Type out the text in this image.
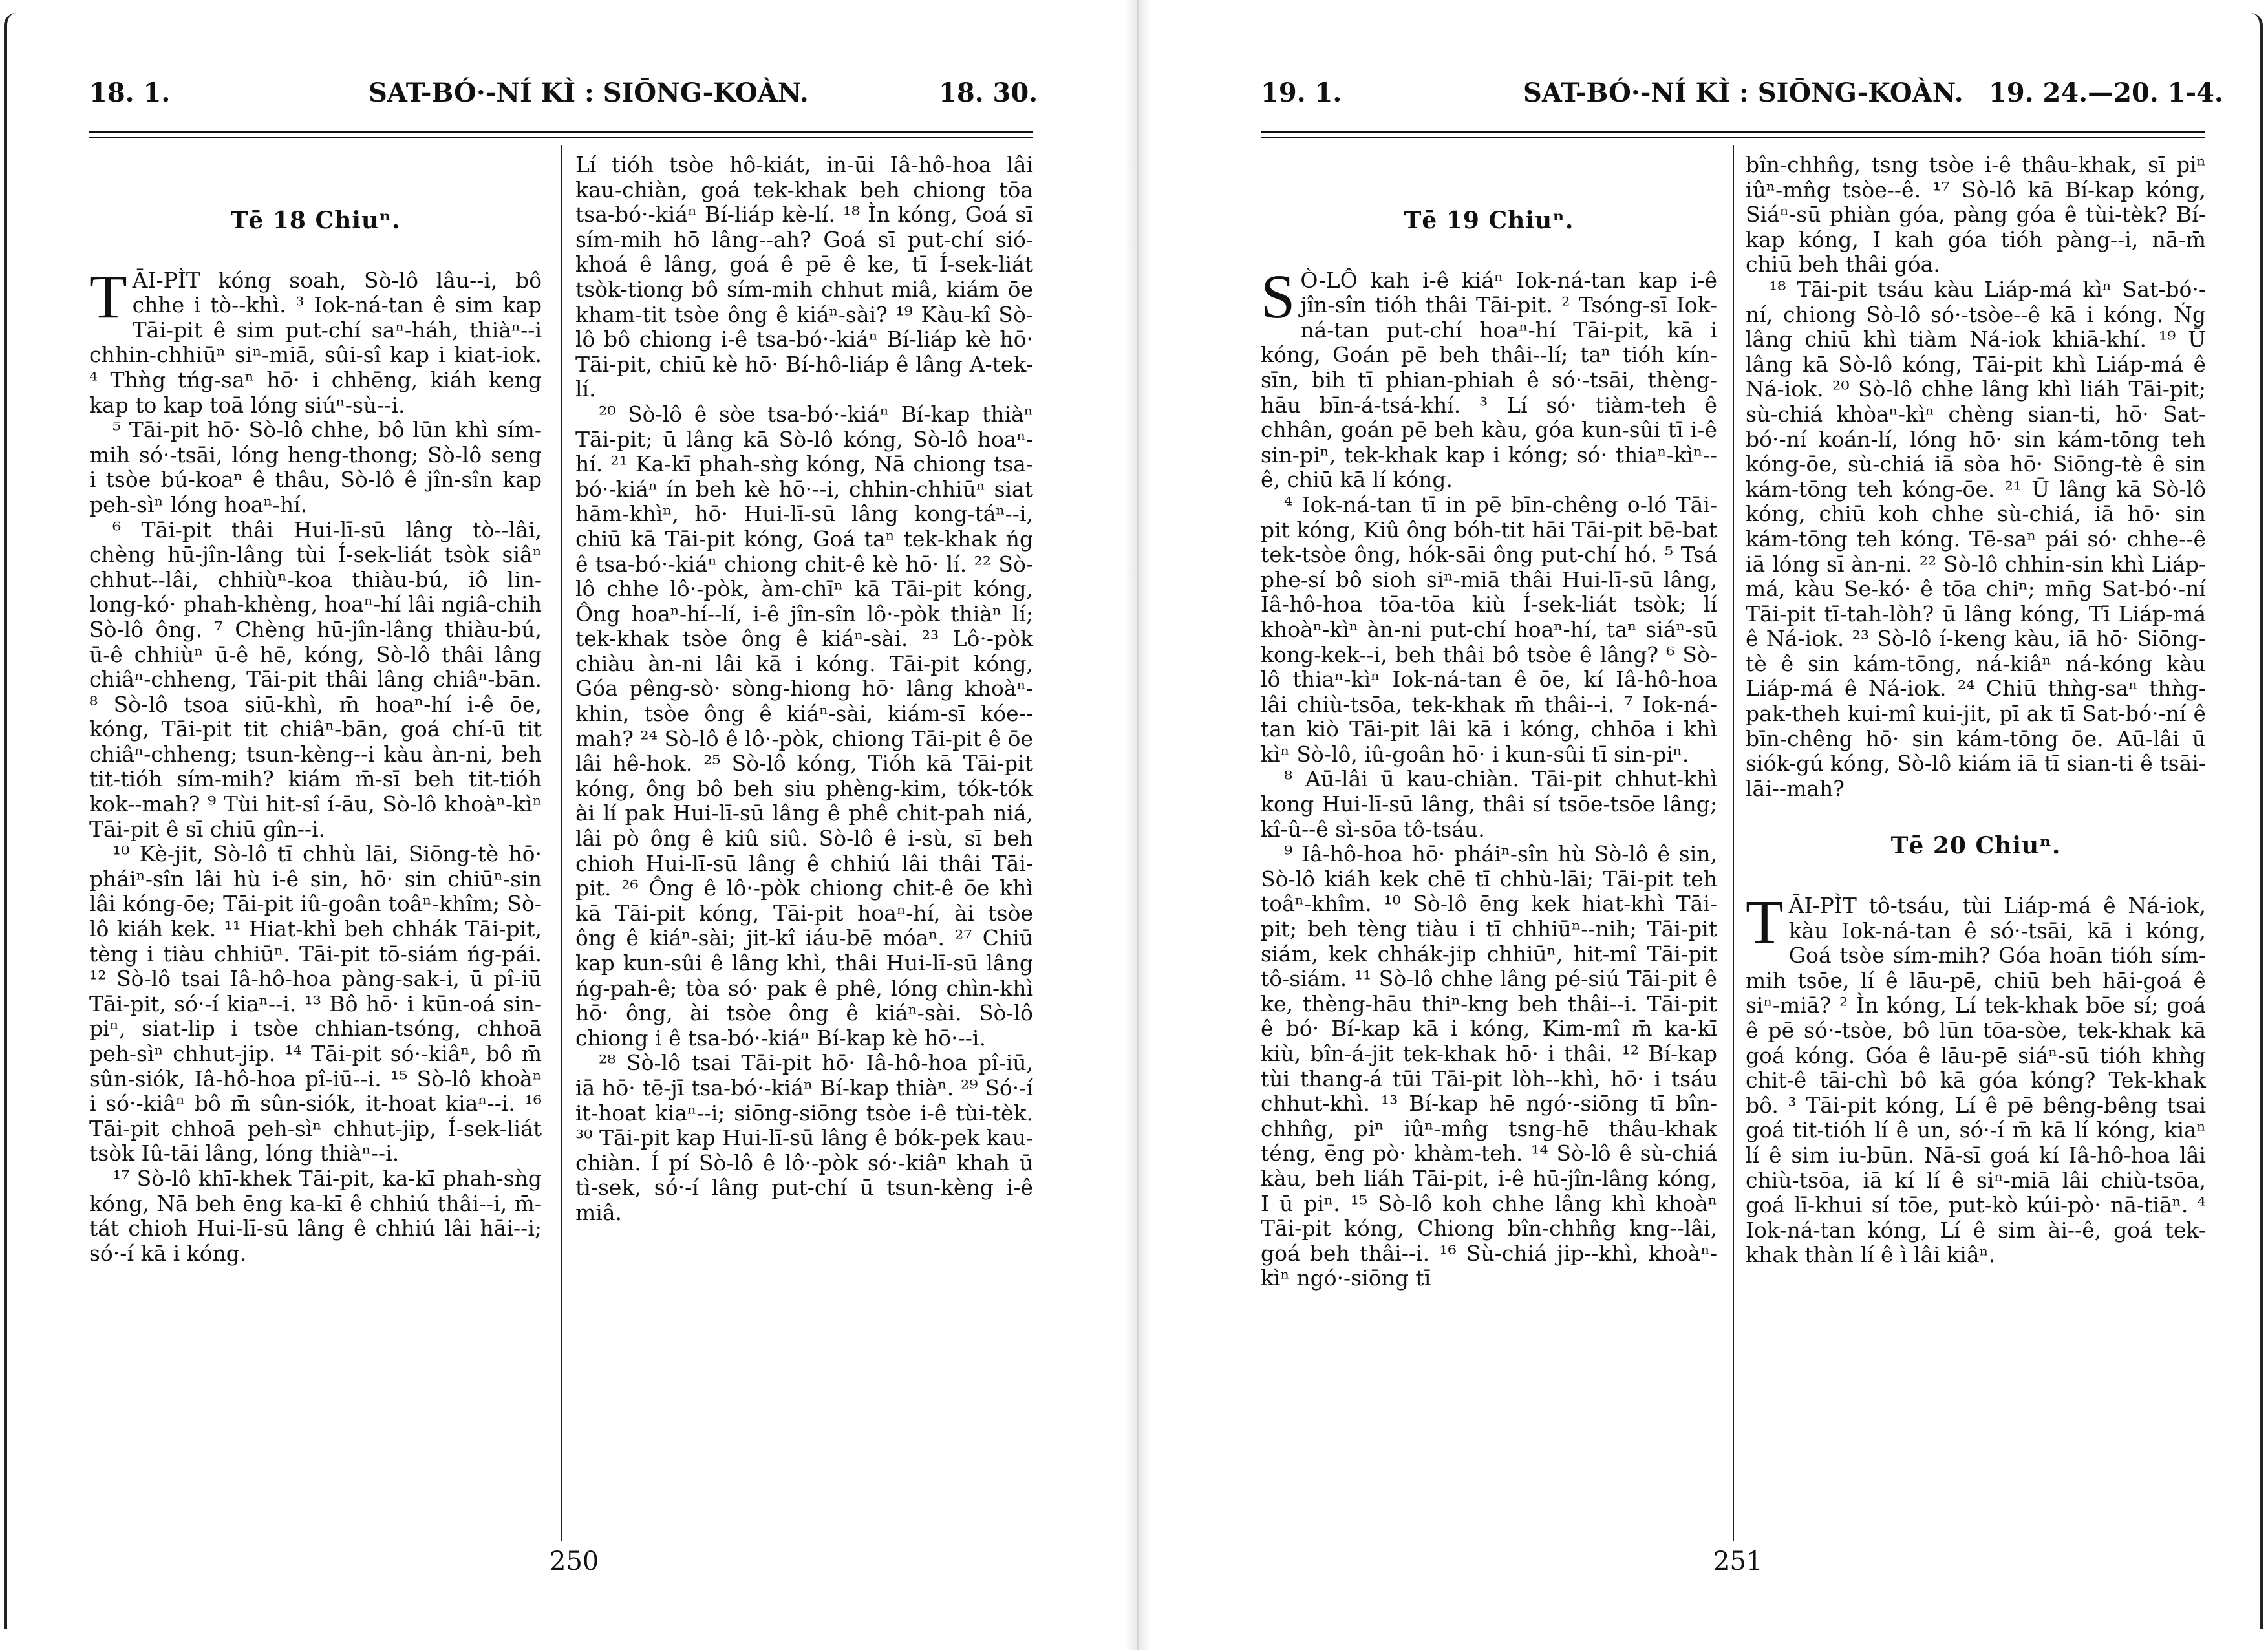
18. 1.	SAT-BÓ·-NÍ KÌ : SIŌNG-KOÀN.	18. 30.
Tē 18 Chiuⁿ.

TĀI-PÌT kóng soah, Sò-lô lâu--i, bô chhe i tò--khì. ³ Iok-ná-tan ê sim kap Tāi-pit ê sim put-chí saⁿ-háh, thiàⁿ--i chhin-chhiūⁿ siⁿ-miā, sûi-sî kap i kiat-iok. ⁴ Thǹg tńg-saⁿ hō· i chhēng, kiáh keng kap to kap toā lóng siúⁿ-sù--i.

⁵ Tāi-pit hō· Sò-lô chhe, bô lūn khì sím-mih só·-tsāi, lóng heng-thong; Sò-lô seng i tsòe bú-koaⁿ ê thâu, Sò-lô ê jîn-sîn kap peh-sìⁿ lóng hoaⁿ-hí.

⁶ Tāi-pit thâi Hui-lī-sū lâng tò--lâi, chèng hū-jîn-lâng tùi Í-sek-liát tsòk siâⁿ chhut--lâi, chhiùⁿ-koa thiàu-bú, iô lin-long-kó· phah-khèng, hoaⁿ-hí lâi ngiâ-chih Sò-lô ông. ⁷ Chèng hū-jîn-lâng thiàu-bú, ū-ê chhiùⁿ ū-ê hē, kóng, Sò-lô thâi lâng chiâⁿ-chheng, Tāi-pit thâi lâng chiâⁿ-bān. ⁸ Sò-lô tsoa siū-khì, m̄ hoaⁿ-hí i-ê ōe, kóng, Tāi-pit tit chiâⁿ-bān, goá chí-ū tit chiâⁿ-chheng; tsun-kèng--i kàu àn-ni, beh tit-tióh sím-mih? kiám m̄-sī beh tit-tióh kok--mah? ⁹ Tùi hit-sî í-āu, Sò-lô khoàⁿ-kìⁿ Tāi-pit ê sī chiū gîn--i.

¹⁰ Kè-jit, Sò-lô tī chhù lāi, Siōng-tè hō· pháiⁿ-sîn lâi hù i-ê sin, hō· sin chiūⁿ-sin lâi kóng-ōe; Tāi-pit iû-goân toâⁿ-khîm; Sò-lô kiáh kek. ¹¹ Hiat-khì beh chhák Tāi-pit, tèng i tiàu chhiūⁿ. Tāi-pit tō-siám ńg-pái. ¹² Sò-lô tsai Iâ-hô-hoa pàng-sak-i, ū pî-iū Tāi-pit, só·-í kiaⁿ--i. ¹³ Bô hō· i kūn-oá sin-piⁿ, siat-lip i tsòe chhian-tsóng, chhoā peh-sìⁿ chhut-jip. ¹⁴ Tāi-pit só·-kiâⁿ, bô m̄ sûn-siók, Iâ-hô-hoa pî-iū--i. ¹⁵ Sò-lô khoàⁿ i só·-kiâⁿ bô m̄ sûn-siók, it-hoat kiaⁿ--i. ¹⁶ Tāi-pit chhoā peh-sìⁿ chhut-jip, Í-sek-liát tsòk Iû-tāi lâng, lóng thiàⁿ--i.

¹⁷ Sò-lô khī-khek Tāi-pit, ka-kī phah-sǹg kóng, Nā beh ēng ka-kī ê chhiú thâi--i, m̄-tát chioh Hui-lī-sū lâng ê chhiú lâi hāi--i; só·-í kā i kóng.

Lí tióh tsòe hô-kiát, in-ūi Iâ-hô-hoa lâi kau-chiàn, goá tek-khak beh chiong tōa tsa-bó·-kiáⁿ Bí-liáp kè-lí. ¹⁸ Ìn kóng, Goá sī sím-mih hō lâng--ah? Goá sī put-chí sió-khoá ê lâng, goá ê pē ê ke, tī Í-sek-liát tsòk-tiong bô sím-mih chhut miâ, kiám ōe kham-tit tsòe ông ê kiáⁿ-sài? ¹⁹ Kàu-kî Sò-lô bô chiong i-ê tsa-bó·-kiáⁿ Bí-liáp kè hō· Tāi-pit, chiū kè hō· Bí-hô-liáp ê lâng A-tek-lí.

²⁰ Sò-lô ê sòe tsa-bó·-kiáⁿ Bí-kap thiàⁿ Tāi-pit; ū lâng kā Sò-lô kóng, Sò-lô hoaⁿ-hí. ²¹ Ka-kī phah-sǹg kóng, Nā chiong tsa-bó·-kiáⁿ ín beh kè hō·--i, chhin-chhiūⁿ siat hām-khìⁿ, hō· Hui-lī-sū lâng kong-táⁿ--i, chiū kā Tāi-pit kóng, Goá taⁿ tek-khak ńg ê tsa-bó·-kiáⁿ chiong chit-ê kè hō· lí. ²² Sò-lô chhe lô·-pòk, àm-chīⁿ kā Tāi-pit kóng, Ông hoaⁿ-hí--lí, i-ê jîn-sîn lô·-pòk thiàⁿ lí; tek-khak tsòe ông ê kiáⁿ-sài. ²³ Lô·-pòk chiàu àn-ni lâi kā i kóng. Tāi-pit kóng, Góa pêng-sò· sòng-hiong hō· lâng khoàⁿ-khin, tsòe ông ê kiáⁿ-sài, kiám-sī kóe--mah? ²⁴ Sò-lô ê lô·-pòk, chiong Tāi-pit ê ōe lâi hê-hok. ²⁵ Sò-lô kóng, Tióh kā Tāi-pit kóng, ông bô beh siu phèng-kim, tók-tók ài lí pak Hui-lī-sū lâng ê phê chit-pah niá, lâi pò ông ê kiû siû. Sò-lô ê i-sù, sī beh chioh Hui-lī-sū lâng ê chhiú lâi thâi Tāi-pit. ²⁶ Ông ê lô·-pòk chiong chit-ê ōe khì kā Tāi-pit kóng, Tāi-pit hoaⁿ-hí, ài tsòe ông ê kiáⁿ-sài; jit-kî iáu-bē móaⁿ. ²⁷ Chiū kap kun-sûi ê lâng khì, thâi Hui-lī-sū lâng ńg-pah-ê; tòa só· pak ê phê, lóng chìn-khì hō· ông, ài tsòe ông ê kiáⁿ-sài. Sò-lô chiong i ê tsa-bó·-kiáⁿ Bí-kap kè hō·--i.

²⁸ Sò-lô tsai Tāi-pit hō· Iâ-hô-hoa pî-iū, iā hō· tē-jī tsa-bó·-kiáⁿ Bí-kap thiàⁿ. ²⁹ Só·-í it-hoat kiaⁿ--i; siōng-siōng tsòe i-ê tùi-tèk. ³⁰ Tāi-pit kap Hui-lī-sū lâng ê bók-pek kau-chiàn. Í pí Sò-lô ê lô·-pòk só·-kiâⁿ khah ū tì-sek, só·-í lâng put-chí ū tsun-kèng i-ê miâ.

250
19. 1.	SAT-BÓ·-NÍ KÌ : SIŌNG-KOÀN. 19. 24.—20. 1-4.
Tē 19 Chiuⁿ.

S Ò-LÔ kah i-ê kiáⁿ Iok-ná-tan kap i-ê jîn-sîn tióh thâi Tāi-pit. ² Tsóng-sī Iok-ná-tan put-chí hoaⁿ-hí Tāi-pit, kā i kóng, Goán pē beh thâi--lí; taⁿ tióh kín-sīn, bih tī phian-phiah ê só·-tsāi, thèng-hāu bīn-á-tsá-khí. ³ Lí só· tiàm-teh ê chhân, goán pē beh kàu, góa kun-sûi tī i-ê sin-piⁿ, tek-khak kap i kóng; só· thiaⁿ-kìⁿ--ê, chiū kā lí kóng.

⁴ Iok-ná-tan tī in pē bīn-chêng o-ló Tāi-pit kóng, Kiû ông bóh-tit hāi Tāi-pit bē-bat tek-tsòe ông, hók-sāi ông put-chí hó. ⁵ Tsá phe-sí bô sioh siⁿ-miā thâi Hui-lī-sū lâng, Iâ-hô-hoa tōa-tōa kiù Í-sek-liát tsòk; lí khoàⁿ-kìⁿ àn-ni put-chí hoaⁿ-hí, taⁿ siáⁿ-sū kong-kek--i, beh thâi bô tsòe ê lâng? ⁶ Sò-lô thiaⁿ-kìⁿ Iok-ná-tan ê ōe, kí Iâ-hô-hoa lâi chiù-tsōa, tek-khak m̄ thâi--i. ⁷ Iok-ná-tan kiò Tāi-pit lâi kā i kóng, chhōa i khì kìⁿ Sò-lô, iû-goân hō· i kun-sûi tī sin-piⁿ.

⁸ Aū-lâi ū kau-chiàn. Tāi-pit chhut-khì kong Hui-lī-sū lâng, thâi sí tsōe-tsōe lâng; kî-û--ê sì-sōa tô-tsáu.

⁹ Iâ-hô-hoa hō· pháiⁿ-sîn hù Sò-lô ê sin, Sò-lô kiáh kek chē tī chhù-lāi; Tāi-pit teh toâⁿ-khîm. ¹⁰ Sò-lô ēng kek hiat-khì Tāi-pit; beh tèng tiàu i tī chhiūⁿ--nih; Tāi-pit siám, kek chhák-jip chhiūⁿ, hit-mî Tāi-pit tô-siám. ¹¹ Sò-lô chhe lâng pé-siú Tāi-pit ê ke, thèng-hāu thiⁿ-kng beh thâi--i. Tāi-pit ê bó· Bí-kap kā i kóng, Kim-mî m̄ ka-kī kiù, bîn-á-jit tek-khak hō· i thâi. ¹² Bí-kap tùi thang-á tūi Tāi-pit lòh--khì, hō· i tsáu chhut-khì. ¹³ Bí-kap hē ngó·-siōng tī bîn-chhn̂g, piⁿ iûⁿ-mn̂g tsng-hē thâu-khak téng, ēng pò· khàm-teh. ¹⁴ Sò-lô ê sù-chiá kàu, beh liáh Tāi-pit, i-ê hū-jîn-lâng kóng, I ū piⁿ. ¹⁵ Sò-lô koh chhe lâng khì khoàⁿ Tāi-pit kóng, Chiong bîn-chhn̂g kng--lâi, goá beh thâi--i. ¹⁶ Sù-chiá jip--khì, khoàⁿ-kìⁿ ngó·-siōng tī

bîn-chhn̂g, tsng tsòe i-ê thâu-khak, sī piⁿ iûⁿ-mn̂g tsòe--ê. ¹⁷ Sò-lô kā Bí-kap kóng, Siáⁿ-sū phiàn góa, pàng góa ê tùi-tèk? Bí-kap kóng, I kah góa tióh pàng--i, nā-m̄ chiū beh thâi góa.

¹⁸ Tāi-pit tsáu kàu Liáp-má kìⁿ Sat-bó·-ní, chiong Sò-lô só·-tsòe--ê kā i kóng. Ńg lâng chiū khì tiàm Ná-iok khiā-khí. ¹⁹ Ū lâng kā Sò-lô kóng, Tāi-pit khì Liáp-má ê Ná-iok. ²⁰ Sò-lô chhe lâng khì liáh Tāi-pit; sù-chiá khòaⁿ-kìⁿ chèng sian-ti, hō· Sat-bó·-ní koán-lí, lóng hō· sin kám-tōng teh kóng-ōe, sù-chiá iā sòa hō· Siōng-tè ê sin kám-tōng teh kóng-ōe. ²¹ Ū lâng kā Sò-lô kóng, chiū koh chhe sù-chiá, iā hō· sin kám-tōng teh kóng. Tē-saⁿ pái só· chhe--ê iā lóng sī àn-ni. ²² Sò-lô chhin-sin khì Liáp-má, kàu Se-kó· ê tōa chiⁿ; mn̄g Sat-bó·-ní Tāi-pit tī-tah-lòh? ū lâng kóng, Tī Liáp-má ê Ná-iok. ²³ Sò-lô í-keng kàu, iā hō· Siōng-tè ê sin kám-tōng, ná-kiâⁿ ná-kóng kàu Liáp-má ê Ná-iok. ²⁴ Chiū thǹg-saⁿ thǹg-pak-theh kui-mî kui-jit, pī ak tī Sat-bó·-ní ê bīn-chêng hō· sin kám-tōng ōe. Aū-lâi ū siók-gú kóng, Sò-lô kiám iā tī sian-ti ê tsāi-lāi--mah?

Tē 20 Chiuⁿ.

TĀI-PÌT tô-tsáu, tùi Liáp-má ê Ná-iok, kàu Iok-ná-tan ê só·-tsāi, kā i kóng, Goá tsòe sím-mih? Góa hoān tióh sím-mih tsōe, lí ê lāu-pē, chiū beh hāi-goá ê siⁿ-miā? ² Ìn kóng, Lí tek-khak bōe sí; goá ê pē só·-tsòe, bô lūn tōa-sòe, tek-khak kā goá kóng. Góa ê lāu-pē siáⁿ-sū tióh khǹg chit-ê tāi-chì bô kā góa kóng? Tek-khak bô. ³ Tāi-pit kóng, Lí ê pē bêng-bêng tsai goá tit-tióh lí ê un, só·-í m̄ kā lí kóng, kiaⁿ lí ê sim iu-būn. Nā-sī goá kí Iâ-hô-hoa lâi chiù-tsōa, iā kí lí ê siⁿ-miā lâi chiù-tsōa, goá lī-khui sí tōe, put-kò kúi-pò· nā-tiāⁿ. ⁴ Iok-ná-tan kóng, Lí ê sim ài--ê, goá tek-khak thàn lí ê ì lâi kiâⁿ.

251
